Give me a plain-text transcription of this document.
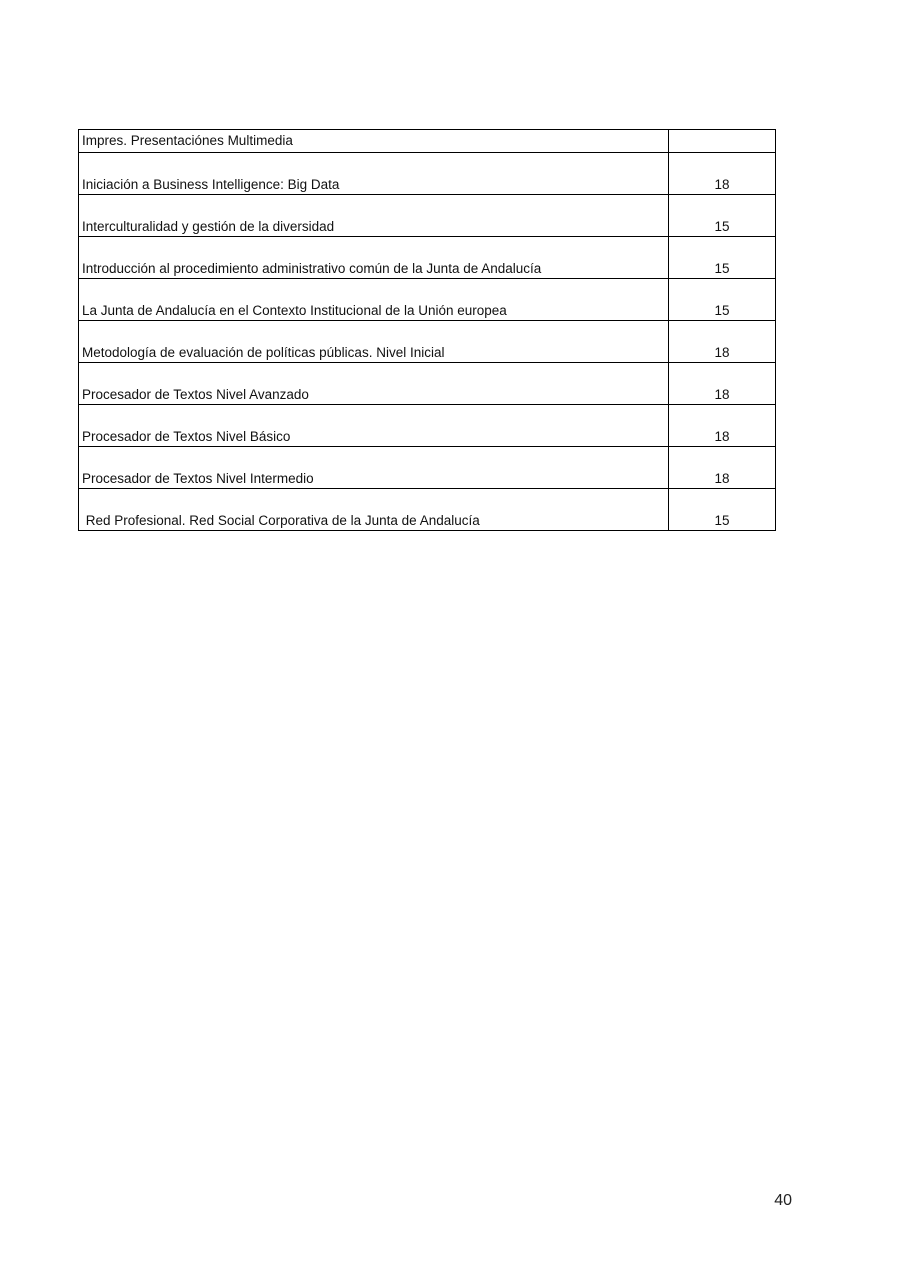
Impres. Presentaciónes Multimedia	
Iniciación a Business Intelligence: Big Data	18
Interculturalidad y gestión de la diversidad	15
Introducción al procedimiento administrativo común de la Junta de Andalucía	15
La Junta de Andalucía en el Contexto Institucional de la Unión europea	15
Metodología de evaluación de políticas públicas. Nivel Inicial	18
Procesador de Textos Nivel Avanzado	18
Procesador de Textos Nivel Básico	18
Procesador de Textos Nivel Intermedio	18
Red Profesional. Red Social Corporativa de la Junta de Andalucía	15
40
